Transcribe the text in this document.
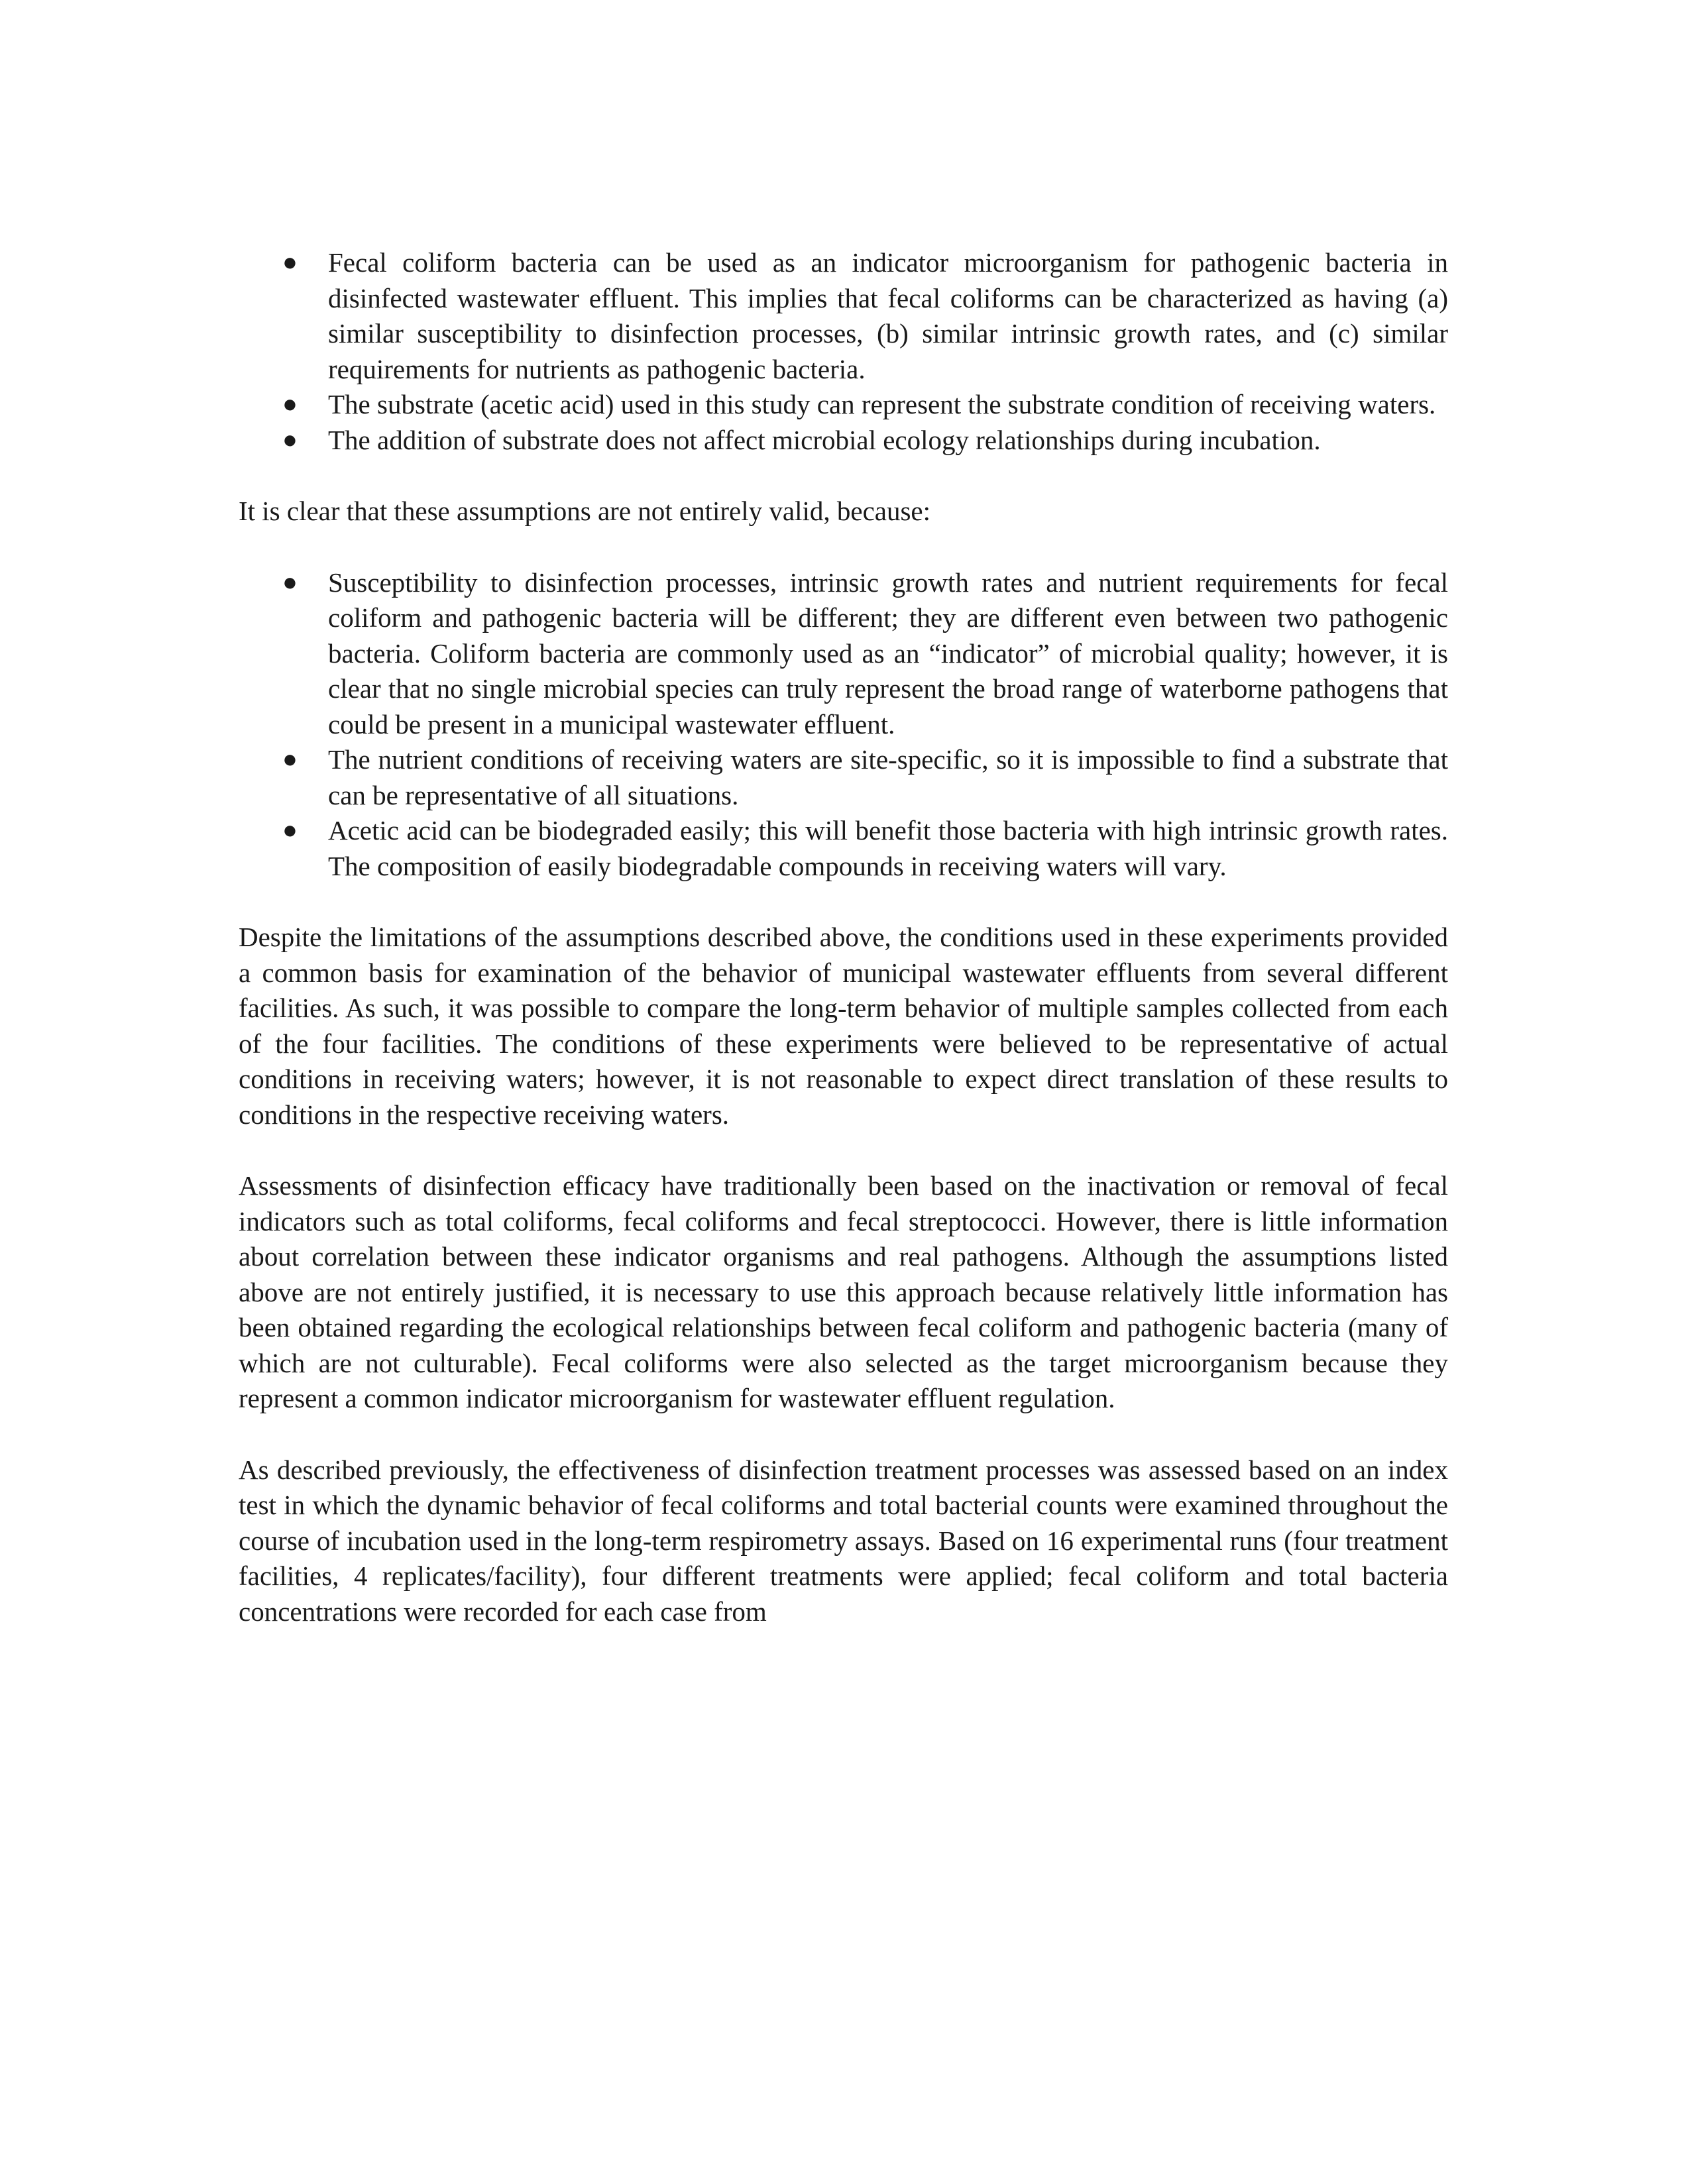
● Fecal coliform bacteria can be used as an indicator microorganism for pathogenic bacteria in disinfected wastewater effluent. This implies that fecal coliforms can be characterized as having (a) similar susceptibility to disinfection processes, (b) similar intrinsic growth rates, and (c) similar requirements for nutrients as pathogenic bacteria.
● The substrate (acetic acid) used in this study can represent the substrate condition of receiving waters.
● The addition of substrate does not affect microbial ecology relationships during incubation.

It is clear that these assumptions are not entirely valid, because:

● Susceptibility to disinfection processes, intrinsic growth rates and nutrient requirements for fecal coliform and pathogenic bacteria will be different; they are different even between two pathogenic bacteria. Coliform bacteria are commonly used as an “indicator” of microbial quality; however, it is clear that no single microbial species can truly represent the broad range of waterborne pathogens that could be present in a municipal wastewater effluent.
● The nutrient conditions of receiving waters are site-specific, so it is impossible to find a substrate that can be representative of all situations.
● Acetic acid can be biodegraded easily; this will benefit those bacteria with high intrinsic growth rates. The composition of easily biodegradable compounds in receiving waters will vary.

Despite the limitations of the assumptions described above, the conditions used in these experiments provided a common basis for examination of the behavior of municipal wastewater effluents from several different facilities. As such, it was possible to compare the long-term behavior of multiple samples collected from each of the four facilities. The conditions of these experiments were believed to be representative of actual conditions in receiving waters; however, it is not reasonable to expect direct translation of these results to conditions in the respective receiving waters.

Assessments of disinfection efficacy have traditionally been based on the inactivation or removal of fecal indicators such as total coliforms, fecal coliforms and fecal streptococci. However, there is little information about correlation between these indicator organisms and real pathogens. Although the assumptions listed above are not entirely justified, it is necessary to use this approach because relatively little information has been obtained regarding the ecological relationships between fecal coliform and pathogenic bacteria (many of which are not culturable). Fecal coliforms were also selected as the target microorganism because they represent a common indicator microorganism for wastewater effluent regulation.

As described previously, the effectiveness of disinfection treatment processes was assessed based on an index test in which the dynamic behavior of fecal coliforms and total bacterial counts were examined throughout the course of incubation used in the long-term respirometry assays. Based on 16 experimental runs (four treatment facilities, 4 replicates/facility), four different treatments were applied; fecal coliform and total bacteria concentrations were recorded for each case from
